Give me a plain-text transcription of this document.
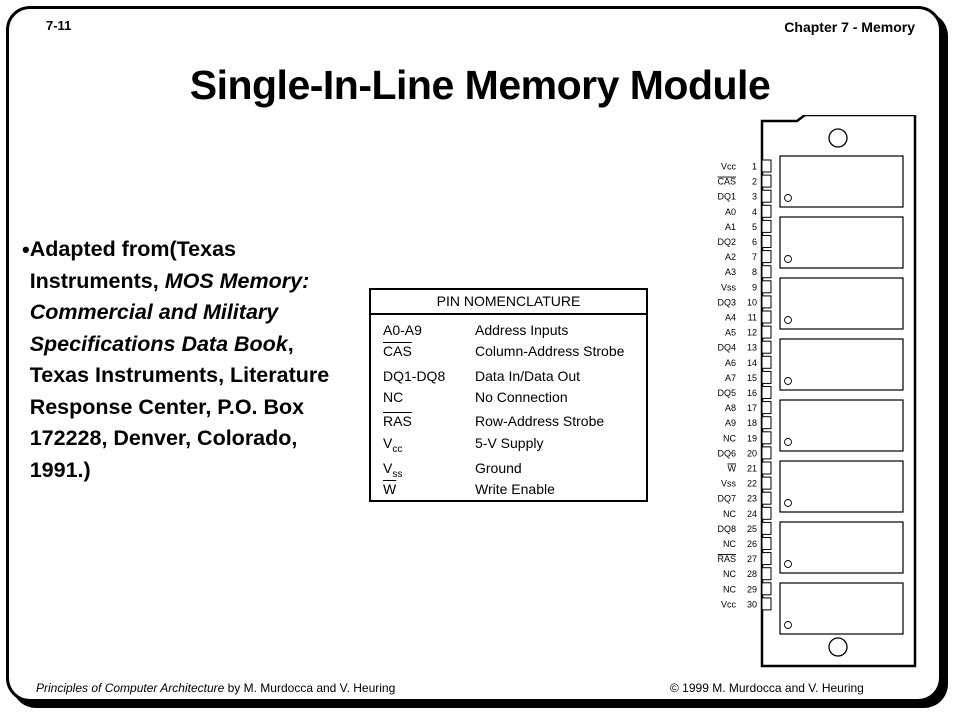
7-11	Chapter 7 - Memory
Single-In-Line Memory Module
• Adapted from(Texas Instruments, MOS Memory: Commercial and Military Specifications Data Book, Texas Instruments, Literature Response Center, P.O. Box 172228, Denver, Colorado, 1991.)
PIN NOMENCLATURE
A0-A9	Address Inputs
$\overline{CAS}$	Column-Address Strobe
DQ1-DQ8	Data In/Data Out
NC	No Connection
$\overline{RAS}$	Row-Address Strobe
$V_{cc}$	5-V Supply
$V_{ss}$	Ground
$\overline{W}$	Write Enable
1
Vcc
2
CAS
3
DQ1
4
A0
5
A1
6
DQ2
7
A2
8
A3
9
Vss
10
DQ3
11
A4
12
A5
13
DQ4
14
A6
15
A7
16
DQ5
17
A8
18
A9
19
NC
20
DQ6
21
W
22
Vss
23
DQ7
24
NC
25
DQ8
26
NC
27
RAS
28
NC
29
NC
30
Vcc
Principles of Computer Architecture by M. Murdocca and V. Heuring	© 1999 M. Murdocca and V. Heuring
